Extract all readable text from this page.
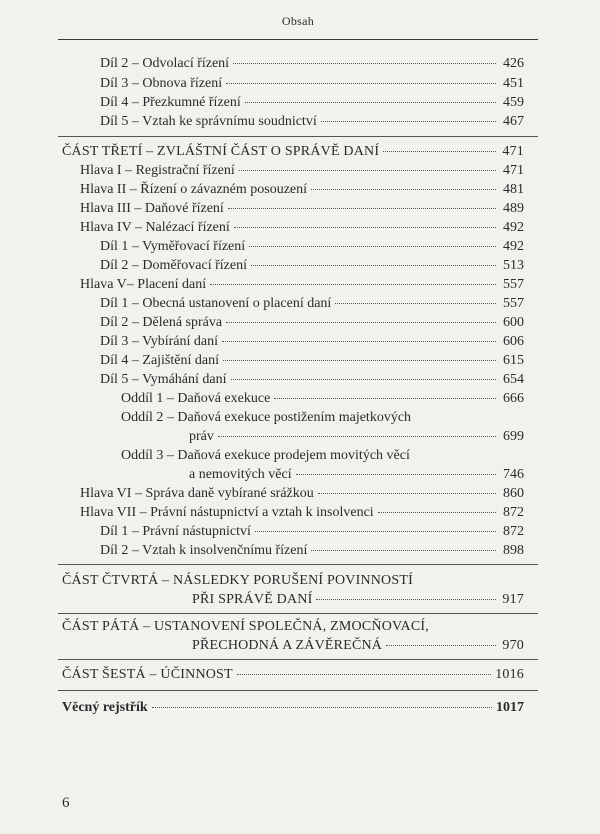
Obsah
Díl 2 – Odvolací řízení	426
Díl 3 – Obnova řízení	451
Díl 4 – Přezkumné řízení	459
Díl 5 – Vztah ke správnímu soudnictví	467
ČÁST TŘETÍ – ZVLÁŠTNÍ ČÁST O SPRÁVĚ DANÍ	471
Hlava I – Registrační řízení	471
Hlava II – Řízení o závazném posouzení	481
Hlava III – Daňové řízení	489
Hlava IV – Nalézací řízení	492
Díl 1 – Vyměřovací řízení	492
Díl 2 – Doměřovací řízení	513
Hlava V– Placení daní	557
Díl 1 – Obecná ustanovení o placení daní	557
Díl 2 – Dělená správa	600
Díl 3 – Vybírání daní	606
Díl 4 – Zajištění daní	615
Díl 5 – Vymáhání daní	654
Oddíl 1 – Daňová exekuce	666
Oddíl 2 – Daňová exekuce postižením majetkových
práv	699
Oddíl 3 – Daňová exekuce prodejem movitých věcí
a nemovitých věcí	746
Hlava VI – Správa daně vybírané srážkou	860
Hlava VII – Právní nástupnictví a vztah k insolvenci	872
Díl 1 – Právní nástupnictví	872
Díl 2 – Vztah k insolvenčnímu řízení	898
ČÁST ČTVRTÁ – NÁSLEDKY PORUŠENÍ POVINNOSTÍ
PŘI SPRÁVĚ DANÍ	917
ČÁST PÁTÁ – USTANOVENÍ SPOLEČNÁ, ZMOCŇOVACÍ,
PŘECHODNÁ A ZÁVĚREČNÁ	970
ČÁST ŠESTÁ – ÚČINNOST	1016
Věcný rejstřík	1017
6
